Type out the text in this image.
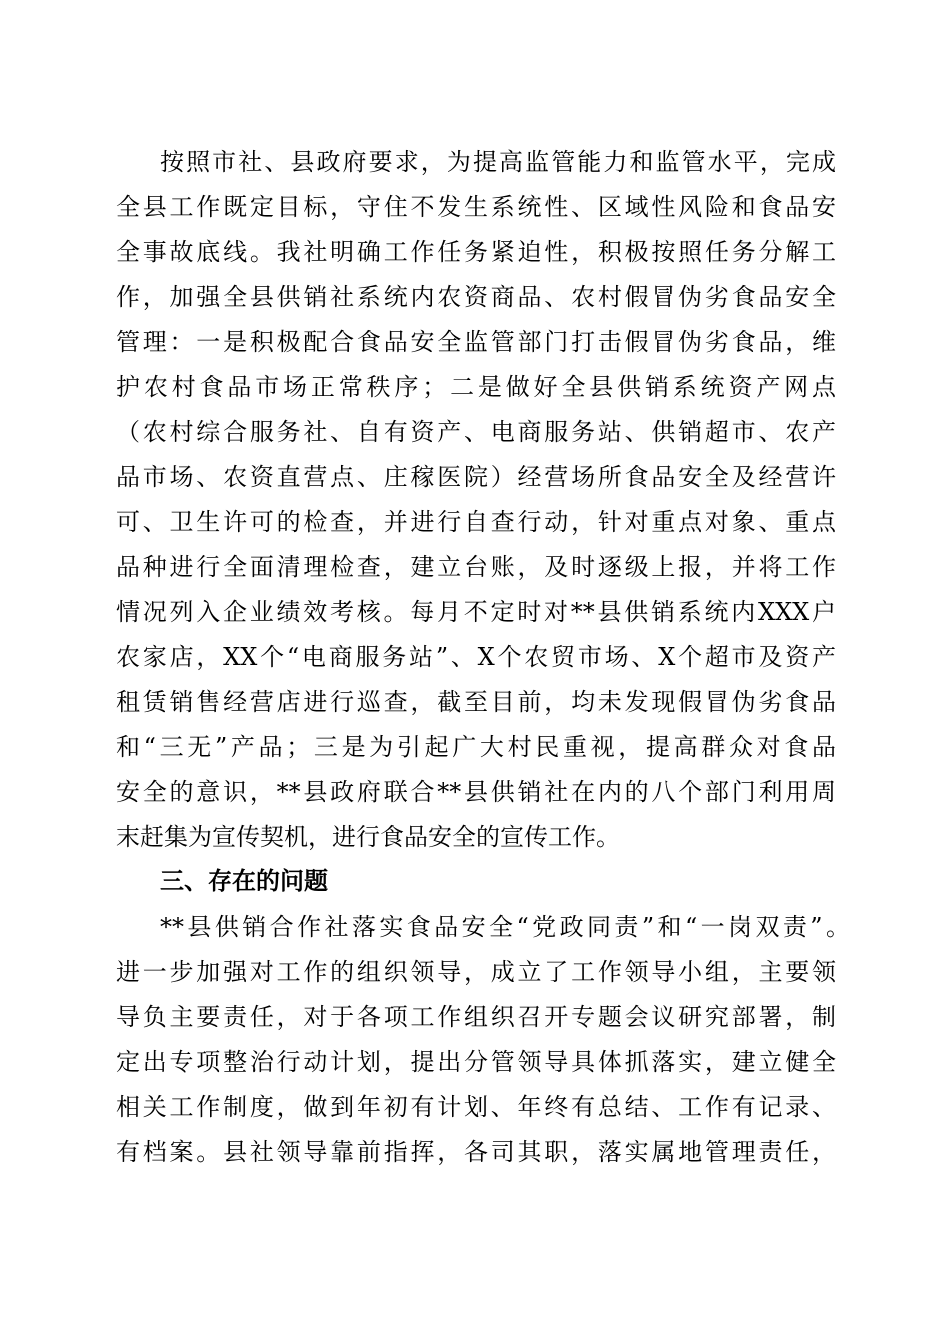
按照市社、县政府要求，为提高监管能力和监管水平，完成
全县工作既定目标，守住不发生系统性、区域性风险和食品安
全事故底线。我社明确工作任务紧迫性，积极按照任务分解工
作，加强全县供销社系统内农资商品、农村假冒伪劣食品安全
管理：一是积极配合食品安全监管部门打击假冒伪劣食品，维
护农村食品市场正常秩序；二是做好全县供销系统资产网点
（农村综合服务社、自有资产、电商服务站、供销超市、农产
品市场、农资直营点、庄稼医院）经营场所食品安全及经营许
可、卫生许可的检查，并进行自查行动，针对重点对象、重点
品种进行全面清理检查，建立台账，及时逐级上报，并将工作
情况列入企业绩效考核。每月不定时对**县供销系统内XXX户
农家店，XX个“电商服务站”、X个农贸市场、X个超市及资产
租赁销售经营店进行巡查，截至目前，均未发现假冒伪劣食品
和“三无”产品；三是为引起广大村民重视，提高群众对食品
安全的意识，**县政府联合**县供销社在内的八个部门利用周
末赶集为宣传契机，进行食品安全的宣传工作。
三、存在的问题
**县供销合作社落实食品安全“党政同责”和“一岗双责”。
进一步加强对工作的组织领导，成立了工作领导小组，主要领
导负主要责任，对于各项工作组织召开专题会议研究部署，制
定出专项整治行动计划，提出分管领导具体抓落实，建立健全
相关工作制度，做到年初有计划、年终有总结、工作有记录、
有档案。县社领导靠前指挥，各司其职，落实属地管理责任，
